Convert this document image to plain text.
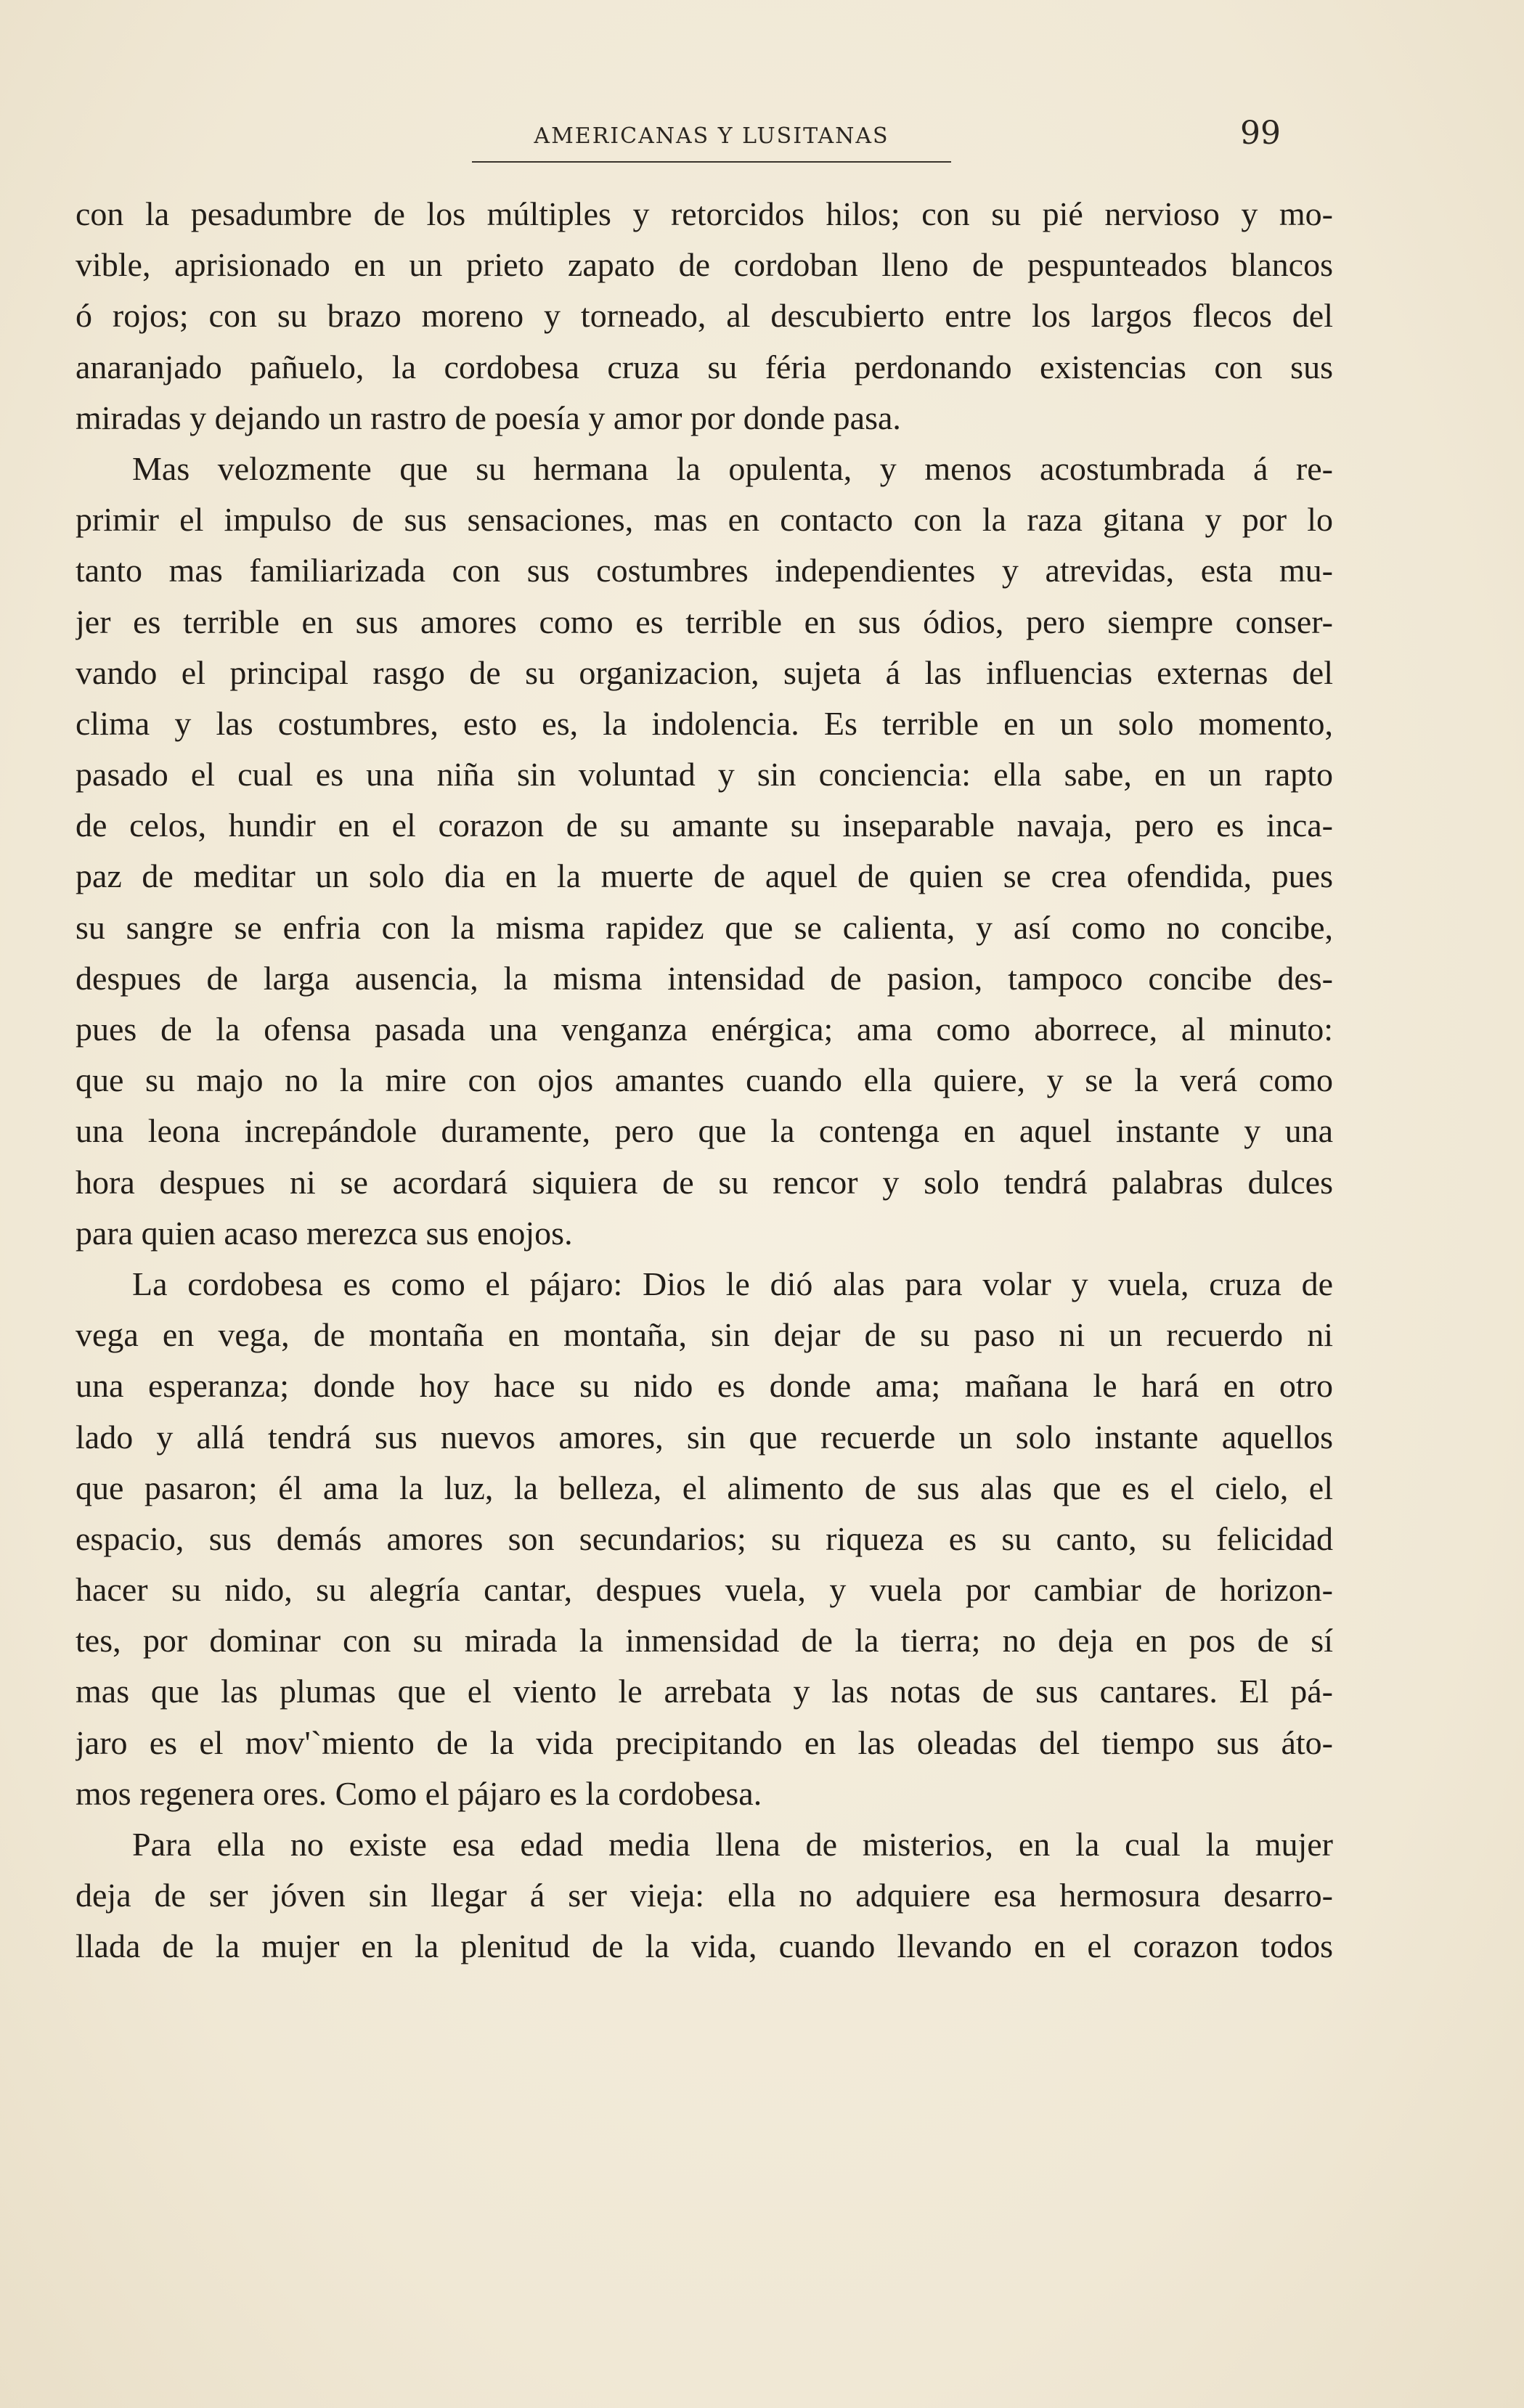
AMERICANAS Y LUSITANAS	99
con la pesadumbre de los múltiples y retorcidos hilos; con su pié nervioso y mo-
vible, aprisionado en un prieto zapato de cordoban lleno de pespunteados blancos
ó rojos; con su brazo moreno y torneado, al descubierto entre los largos flecos del
anaranjado pañuelo, la cordobesa cruza su féria perdonando existencias con sus
miradas y dejando un rastro de poesía y amor por donde pasa.
Mas velozmente que su hermana la opulenta, y menos acostumbrada á re-
primir el impulso de sus sensaciones, mas en contacto con la raza gitana y por lo
tanto mas familiarizada con sus costumbres independientes y atrevidas, esta mu-
jer es terrible en sus amores como es terrible en sus ódios, pero siempre conser-
vando el principal rasgo de su organizacion, sujeta á las influencias externas del
clima y las costumbres, esto es, la indolencia. Es terrible en un solo momento,
pasado el cual es una niña sin voluntad y sin conciencia: ella sabe, en un rapto
de celos, hundir en el corazon de su amante su inseparable navaja, pero es inca-
paz de meditar un solo dia en la muerte de aquel de quien se crea ofendida, pues
su sangre se enfria con la misma rapidez que se calienta, y así como no concibe,
despues de larga ausencia, la misma intensidad de pasion, tampoco concibe des-
pues de la ofensa pasada una venganza enérgica; ama como aborrece, al minuto:
que su majo no la mire con ojos amantes cuando ella quiere, y se la verá como
una leona increpándole duramente, pero que la contenga en aquel instante y una
hora despues ni se acordará siquiera de su rencor y solo tendrá palabras dulces
para quien acaso merezca sus enojos.
La cordobesa es como el pájaro: Dios le dió alas para volar y vuela, cruza de
vega en vega, de montaña en montaña, sin dejar de su paso ni un recuerdo ni
una esperanza; donde hoy hace su nido es donde ama; mañana le hará en otro
lado y allá tendrá sus nuevos amores, sin que recuerde un solo instante aquellos
que pasaron; él ama la luz, la belleza, el alimento de sus alas que es el cielo, el
espacio, sus demás amores son secundarios; su riqueza es su canto, su felicidad
hacer su nido, su alegría cantar, despues vuela, y vuela por cambiar de horizon-
tes, por dominar con su mirada la inmensidad de la tierra; no deja en pos de sí
mas que las plumas que el viento le arrebata y las notas de sus cantares. El pá-
jaro es el mov'`miento de la vida precipitando en las oleadas del tiempo sus áto-
mos regenera ores. Como el pájaro es la cordobesa.
Para ella no existe esa edad media llena de misterios, en la cual la mujer
deja de ser jóven sin llegar á ser vieja: ella no adquiere esa hermosura desarro-
llada de la mujer en la plenitud de la vida, cuando llevando en el corazon todos
